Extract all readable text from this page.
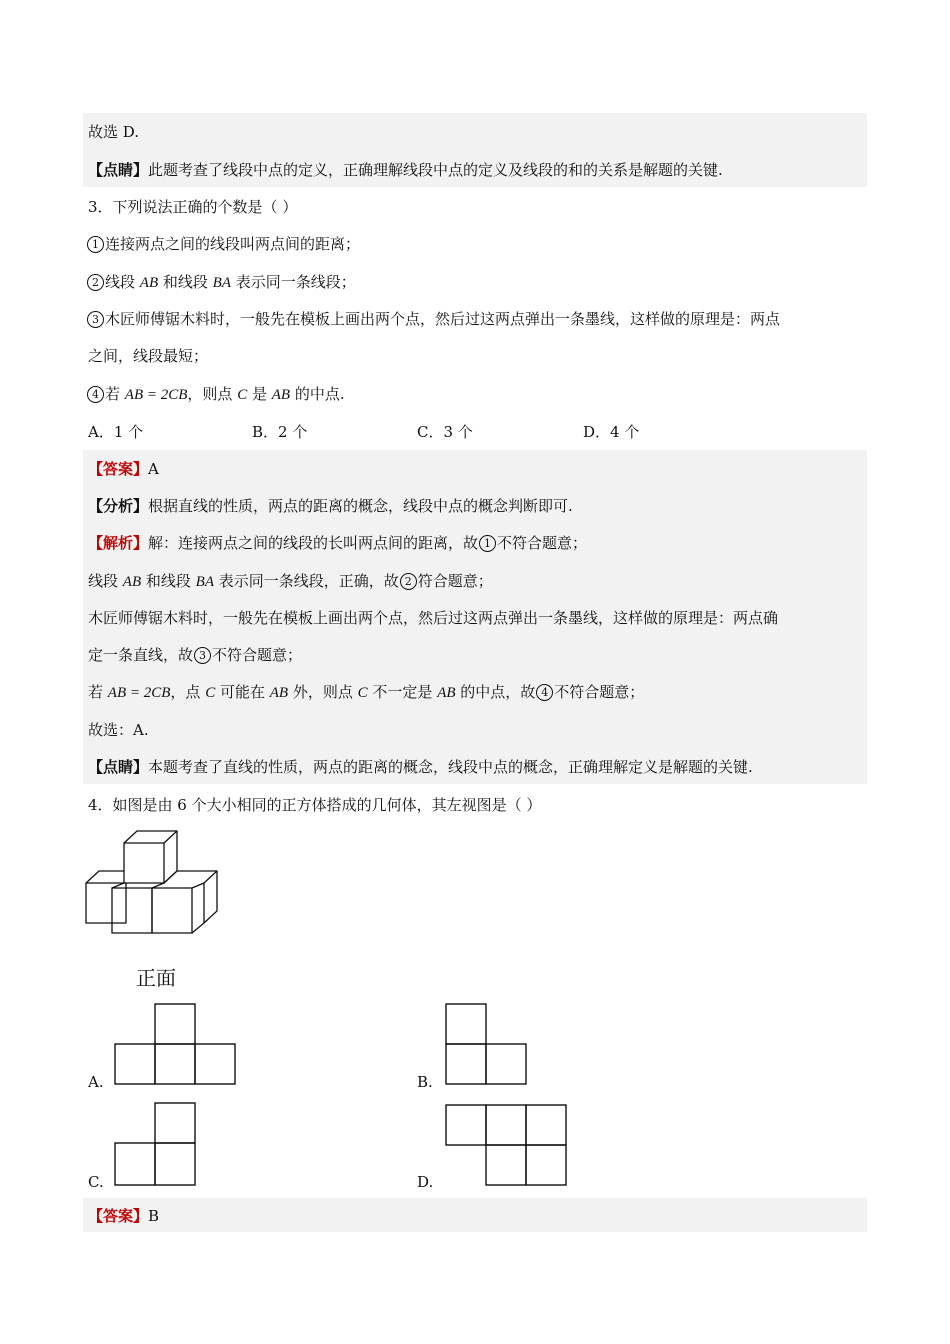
故选 D.
【点睛】此题考查了线段中点的定义，正确理解线段中点的定义及线段的和的关系是解题的关键.
3．下列说法正确的个数是（ ）
1 连接两点之间的线段叫两点间的距离；
2 线段 AB 和线段 BA 表示同一条线段；
3 木匠师傅锯木料时，一般先在模板上画出两个点，然后过这两点弹出一条墨线，这样做的原理是：两点
之间，线段最短；
4 若 AB = 2CB，则点 C 是 AB 的中点.
A．1 个	B．2 个	C．3 个	D．4 个
【答案】A
【分析】根据直线的性质，两点的距离的概念，线段中点的概念判断即可.
【解析】解：连接两点之间的线段的长叫两点间的距离，故 1 不符合题意；
线段 AB 和线段 BA 表示同一条线段，正确，故 2 符合题意；
木匠师傅锯木料时，一般先在模板上画出两个点，然后过这两点弹出一条墨线，这样做的原理是：两点确
定一条直线，故 3 不符合题意；
若 AB = 2CB，点 C 可能在 AB 外，则点 C 不一定是 AB 的中点，故 4 不符合题意；
故选：A.
【点睛】本题考查了直线的性质，两点的距离的概念，线段中点的概念，正确理解定义是解题的关键.
4．如图是由 6 个大小相同的正方体搭成的几何体，其左视图是（ ）
正面
A.	B.
C.	D.
【答案】B
